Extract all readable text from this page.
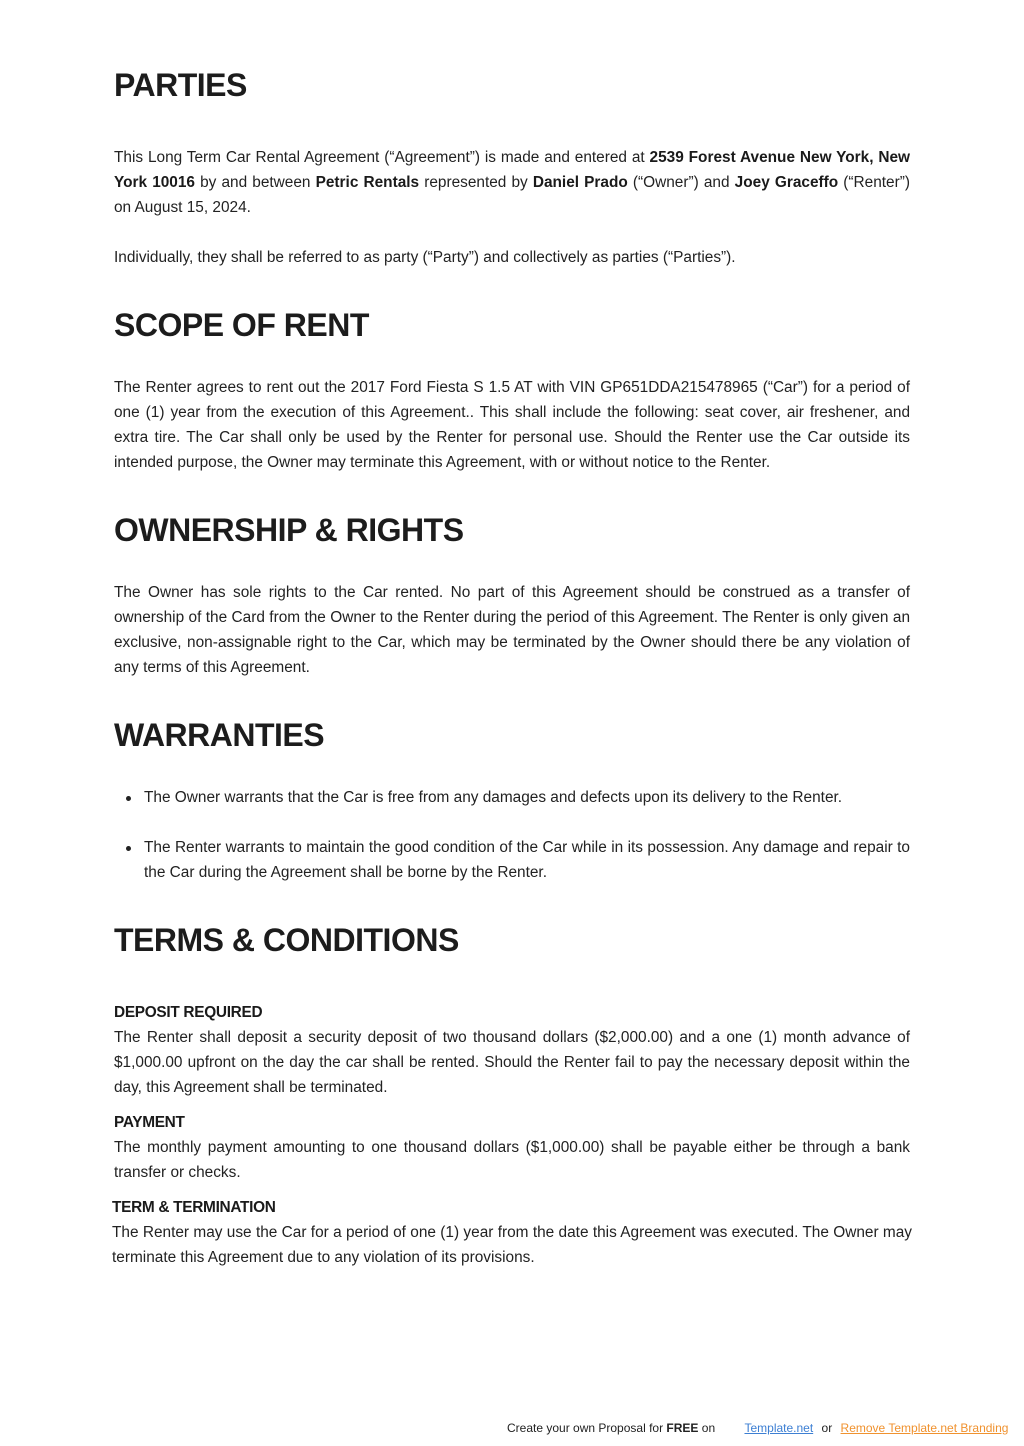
PARTIES

This Long Term Car Rental Agreement (“Agreement”) is made and entered at 2539 Forest Avenue New York, New York 10016 by and between Petric Rentals represented by Daniel Prado (“Owner”) and Joey Graceffo (“Renter”) on August 15, 2024.

Individually, they shall be referred to as party (“Party”) and collectively as parties (“Parties”).

SCOPE OF RENT

The Renter agrees to rent out the 2017 Ford Fiesta S 1.5 AT with VIN GP651DDA215478965 (“Car”) for a period of one (1) year from the execution of this Agreement.. This shall include the following: seat cover, air freshener, and extra tire. The Car shall only be used by the Renter for personal use. Should the Renter use the Car outside its intended purpose, the Owner may terminate this Agreement, with or without notice to the Renter.

OWNERSHIP & RIGHTS

The Owner has sole rights to the Car rented. No part of this Agreement should be construed as a transfer of ownership of the Card from the Owner to the Renter during the period of this Agreement. The Renter is only given an exclusive, non-assignable right to the Car, which may be terminated by the Owner should there be any violation of any terms of this Agreement.

WARRANTIES
The Owner warrants that the Car is free from any damages and defects upon its delivery to the Renter.
The Renter warrants to maintain the good condition of the Car while in its possession. Any damage and repair to the Car during the Agreement shall be borne by the Renter.
TERMS & CONDITIONS
DEPOSIT REQUIRED

The Renter shall deposit a security deposit of two thousand dollars ($2,000.00) and a one (1) month advance of $1,000.00 upfront on the day the car shall be rented. Should the Renter fail to pay the necessary deposit within the day, this Agreement shall be terminated.

PAYMENT

The monthly payment amounting to one thousand dollars ($1,000.00) shall be payable either be through a bank transfer or checks.

TERM & TERMINATION

The Renter may use the Car for a period of one (1) year from the date this Agreement was executed. The Owner may terminate this Agreement due to any violation of its provisions.

Create your own Proposal for FREE on Template.net or Remove Template.net Branding
